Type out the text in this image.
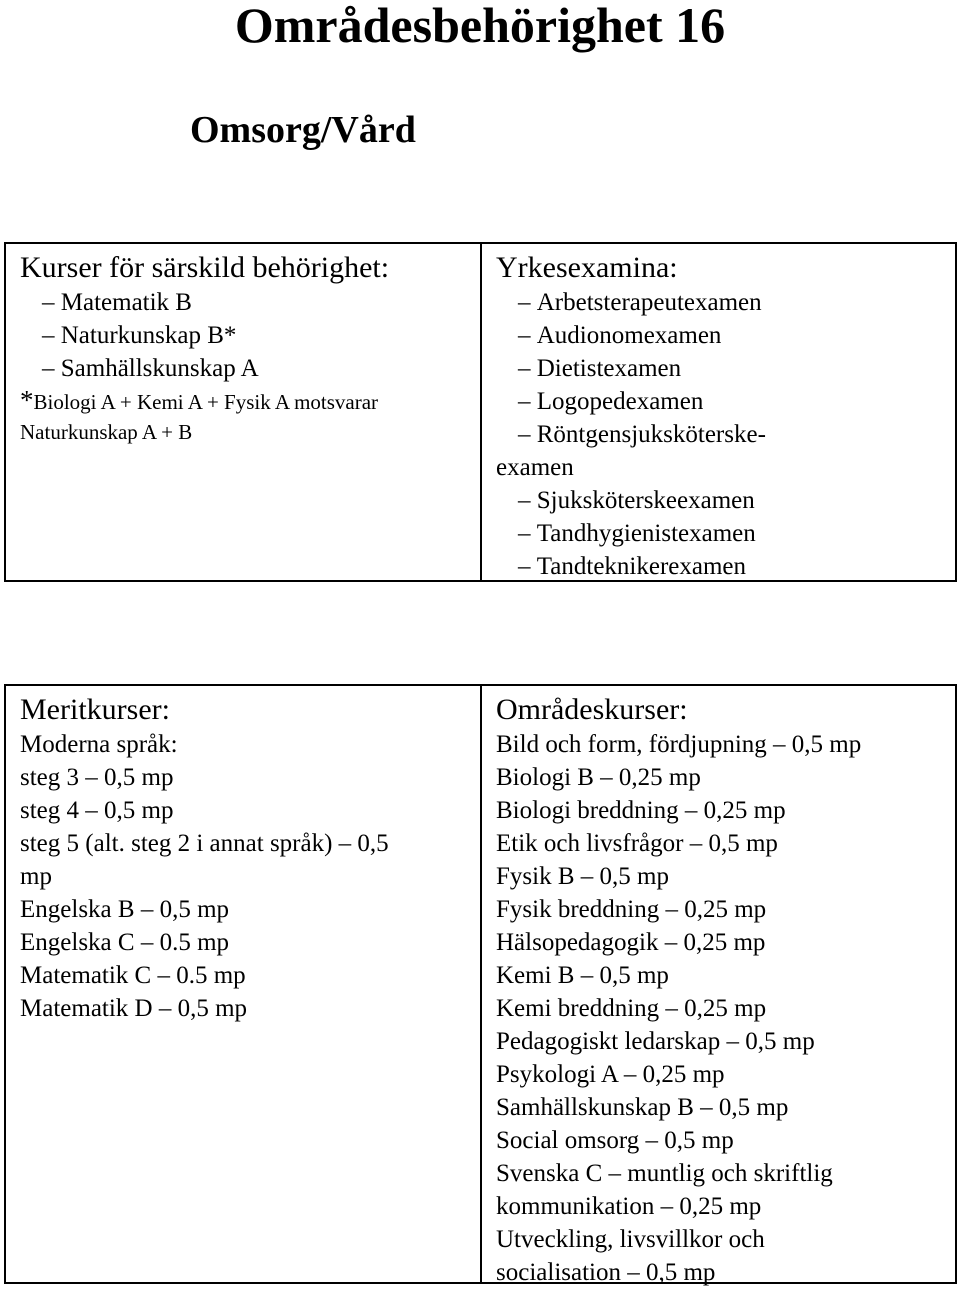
Områdesbehörighet 16
Omsorg/Vård
Kurser för särskild behörighet:
– Matematik B
– Naturkunskap B*
– Samhällskunskap A
*Biologi A + Kemi A + Fysik A motsvarar
Naturkunskap A + B
Yrkesexamina:
– Arbetsterapeutexamen
– Audionomexamen
– Dietistexamen
– Logopedexamen
– Röntgensjuksköterske-
examen
– Sjuksköterskeexamen
– Tandhygienistexamen
– Tandteknikerexamen
Meritkurser:
Moderna språk:
steg 3 – 0,5 mp
steg 4 – 0,5 mp
steg 5 (alt. steg 2 i annat språk) – 0,5
mp
Engelska B – 0,5 mp
Engelska C – 0.5 mp
Matematik C – 0.5 mp
Matematik D – 0,5 mp
Områdeskurser:
Bild och form, fördjupning – 0,5 mp
Biologi B – 0,25 mp
Biologi breddning – 0,25 mp
Etik och livsfrågor – 0,5 mp
Fysik B – 0,5 mp
Fysik breddning – 0,25 mp
Hälsopedagogik – 0,25 mp
Kemi B – 0,5 mp
Kemi breddning – 0,25 mp
Pedagogiskt ledarskap – 0,5 mp
Psykologi A – 0,25 mp
Samhällskunskap B – 0,5 mp
Social omsorg – 0,5 mp
Svenska C – muntlig och skriftlig
kommunikation – 0,25 mp
Utveckling, livsvillkor och
socialisation – 0,5 mp
